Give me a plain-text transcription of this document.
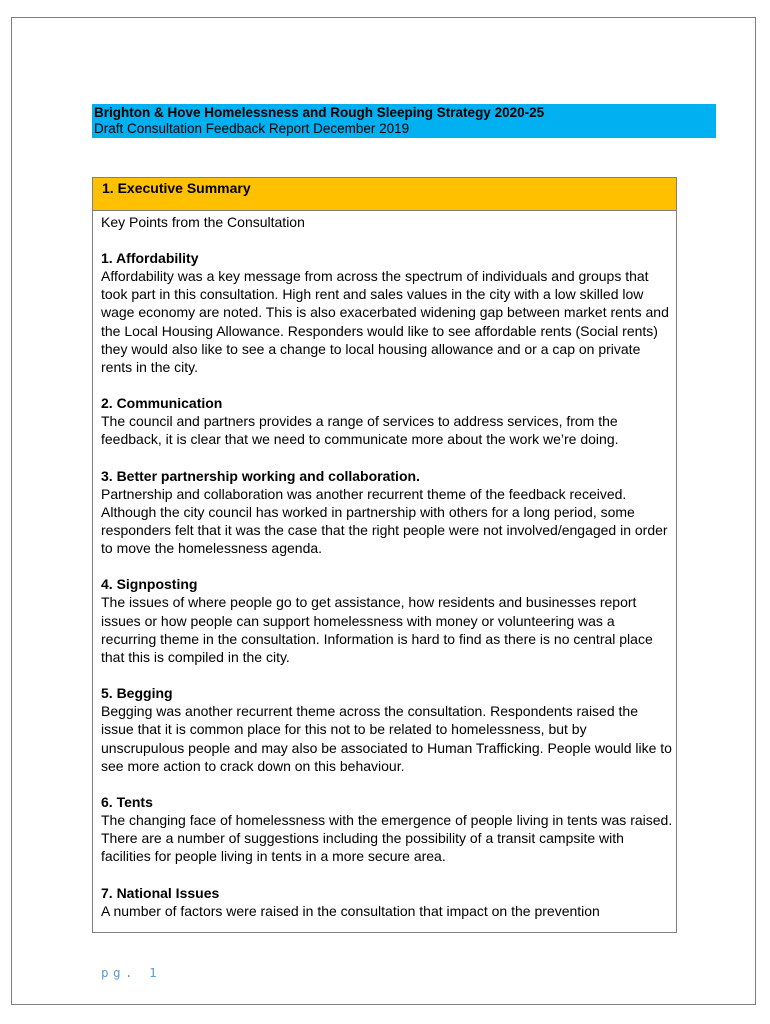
Brighton & Hove Homelessness and Rough Sleeping Strategy 2020-25
Draft Consultation Feedback Report December 2019
1. Executive Summary

Key Points from the Consultation

1. Affordability

Affordability was a key message from across the spectrum of individuals and groups that took part in this consultation. High rent and sales values in the city with a low skilled low wage economy are noted. This is also exacerbated widening gap between market rents and the Local Housing Allowance. Responders would like to see affordable rents (Social rents) they would also like to see a change to local housing allowance and or a cap on private rents in the city.

2. Communication

The council and partners provides a range of services to address services, from the feedback, it is clear that we need to communicate more about the work we’re doing.

3. Better partnership working and collaboration.

Partnership and collaboration was another recurrent theme of the feedback received. Although the city council has worked in partnership with others for a long period, some responders felt that it was the case that the right people were not involved/engaged in order to move the homelessness agenda.

4. Signposting

The issues of where people go to get assistance, how residents and businesses report issues or how people can support homelessness with money or volunteering was a recurring theme in the consultation. Information is hard to find as there is no central place that this is compiled in the city.

5. Begging

Begging was another recurrent theme across the consultation. Respondents raised the issue that it is common place for this not to be related to homelessness, but by unscrupulous people and may also be associated to Human Trafficking. People would like to see more action to crack down on this behaviour.

6. Tents

The changing face of homelessness with the emergence of people living in tents was raised. There are a number of suggestions including the possibility of a transit campsite with facilities for people living in tents in a more secure area.

7. National Issues

A number of factors were raised in the consultation that impact on the prevention

pg. 1
